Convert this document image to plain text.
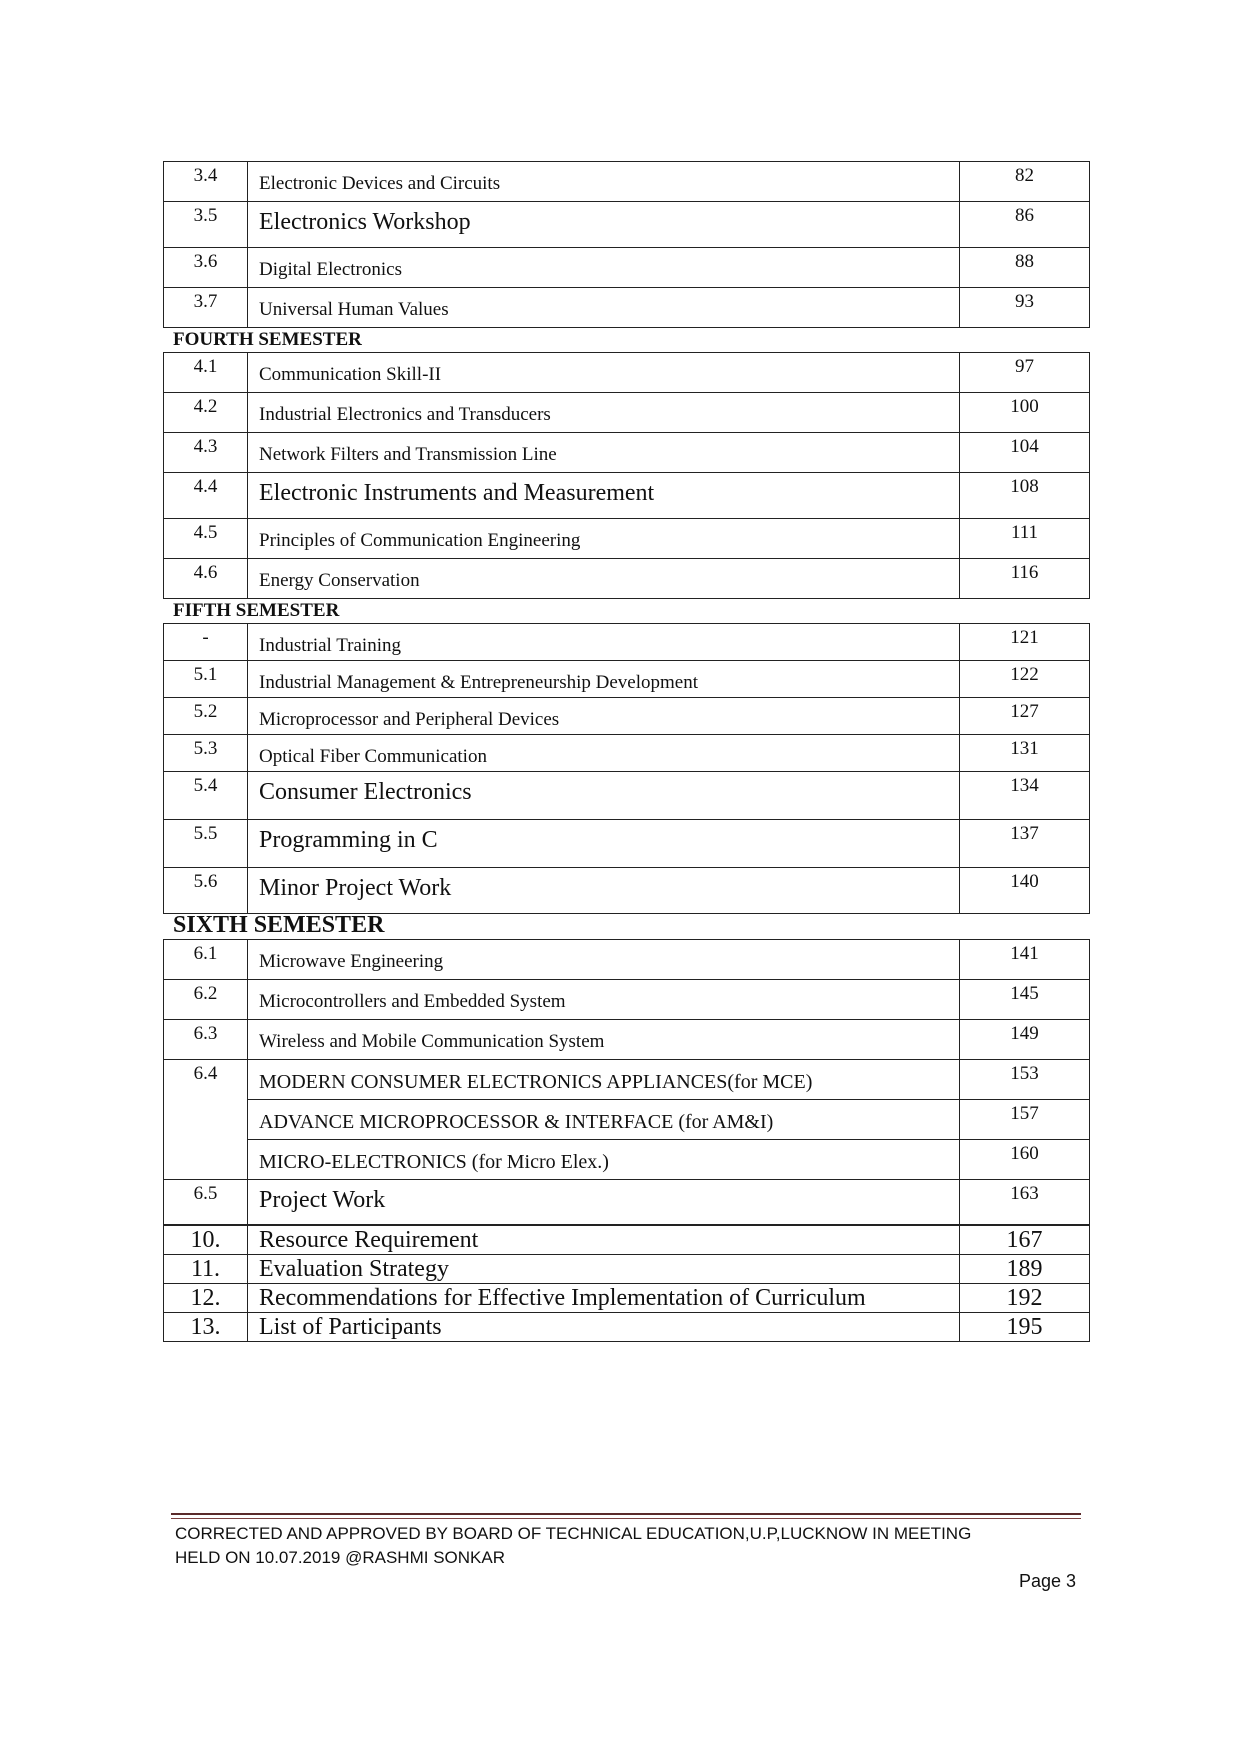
3.4	Electronic Devices and Circuits	82
3.5	Electronics Workshop	86
3.6	Digital Electronics	88
3.7	Universal Human Values	93
FOURTH SEMESTER
4.1	Communication Skill-II	97
4.2	Industrial Electronics and Transducers	100
4.3	Network Filters and Transmission Line	104
4.4	Electronic Instruments and Measurement	108
4.5	Principles of Communication Engineering	111
4.6	Energy Conservation	116
FIFTH SEMESTER
-	Industrial Training	121
5.1	Industrial Management & Entrepreneurship Development	122
5.2	Microprocessor and Peripheral Devices	127
5.3	Optical Fiber Communication	131
5.4	Consumer Electronics	134
5.5	Programming in C	137
5.6	Minor Project Work	140
SIXTH SEMESTER
6.1	Microwave Engineering	141
6.2	Microcontrollers and Embedded System	145
6.3	Wireless and Mobile Communication System	149
6.4	MODERN CONSUMER ELECTRONICS APPLIANCES(for MCE)	153
	ADVANCE MICROPROCESSOR & INTERFACE (for AM&I)	157
	MICRO-ELECTRONICS (for Micro Elex.)	160
6.5	Project Work	163
10.	Resource Requirement	167
11.	Evaluation Strategy	189
12.	Recommendations for Effective Implementation of Curriculum	192
13.	List of Participants	195
CORRECTED AND APPROVED BY BOARD OF TECHNICAL EDUCATION,U.P,LUCKNOW IN MEETING
HELD ON 10.07.2019 @RASHMI SONKAR
Page 3
